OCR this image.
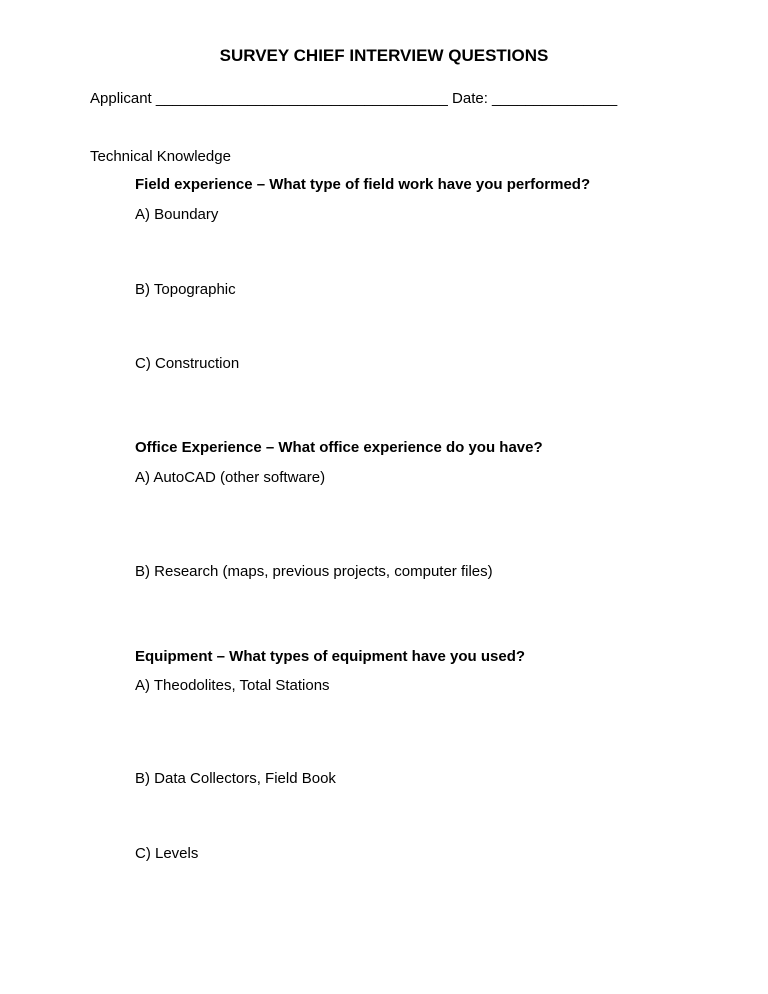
SURVEY CHIEF INTERVIEW QUESTIONS
Applicant ___________________________________ Date: _______________
Technical Knowledge
Field experience – What type of field work have you performed?
A) Boundary
B) Topographic
C) Construction
Office Experience – What office experience do you have?
A) AutoCAD (other software)
B) Research (maps, previous projects, computer files)
Equipment – What types of equipment have you used?
A) Theodolites, Total Stations
B) Data Collectors, Field Book
C) Levels
